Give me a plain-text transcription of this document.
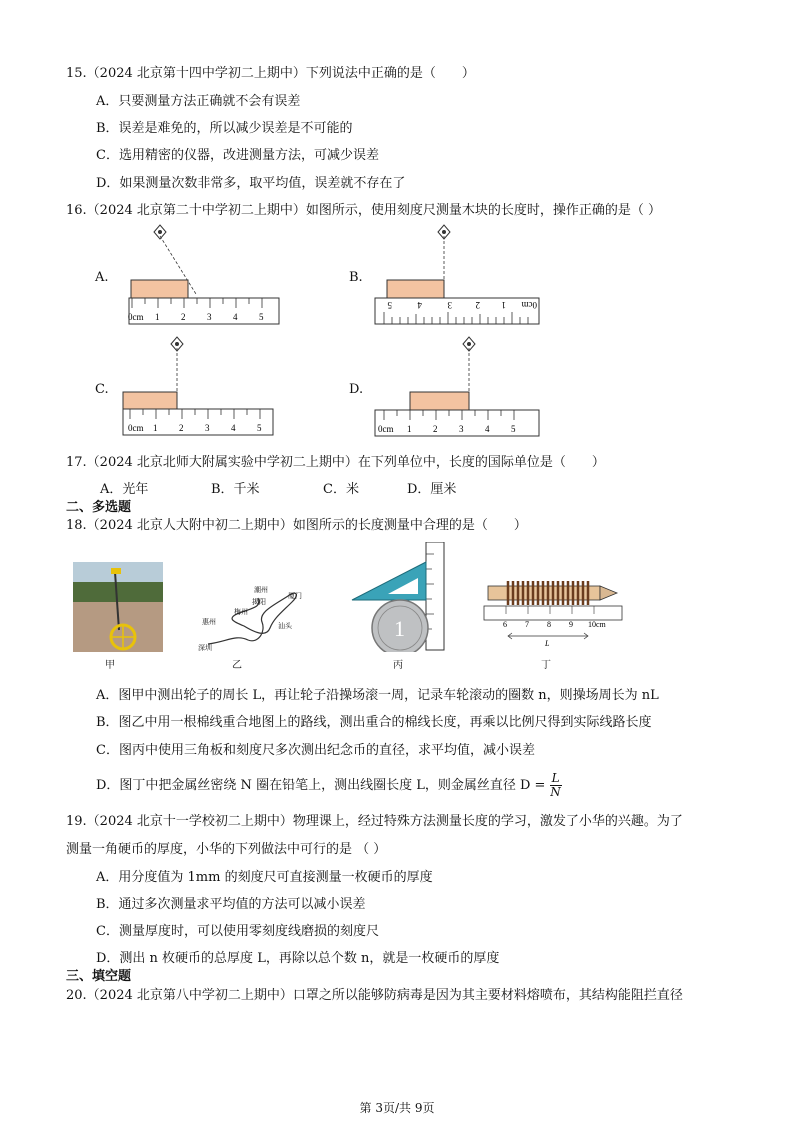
15.（2024 北京第十四中学初二上期中）下列说法中正确的是（　　）
A．只要测量方法正确就不会有误差
B．误差是难免的，所以减少误差是不可能的
C．选用精密的仪器，改进测量方法，可减少误差
D．如果测量次数非常多，取平均值，误差就不存在了
16.（2024 北京第二十中学初二上期中）如图所示，使用刻度尺测量木块的长度时，操作正确的是（ ）
A.
0cm 1 2 3 4 5
B.
5	4	3	2 1 0cm
C.
0cm 1 2 3 4 5
D.
0cm 1 2 3 4 5
17.（2024 北京北师大附属实验中学初二上期中）在下列单位中，长度的国际单位是（　　）
A．光年	B．千米	C．米	D．厘米
二、多选题
18.（2024 北京人大附中初二上期中）如图所示的长度测量中合理的是（　　）
甲
潮州
揭阳
梅州
厦门
惠州	汕头
深圳
乙
1
丙
6 7 8 9 10cm
L
丁
A．图甲中测出轮子的周长 L，再让轮子沿操场滚一周，记录车轮滚动的圈数 n，则操场周长为 nL
B．图乙中用一根棉线重合地图上的路线，测出重合的棉线长度，再乘以比例尺得到实际线路长度
C．图丙中使用三角板和刻度尺多次测出纪念币的直径，求平均值，减小误差
D．图丁中把金属丝密绕 N 圈在铅笔上，测出线圈长度 L，则金属丝直径 $D = \frac{L}{N}$
19.（2024 北京十一学校初二上期中）物理课上，经过特殊方法测量长度的学习，激发了小华的兴趣。为了
测量一角硬币的厚度，小华的下列做法中可行的是 （ ）
A．用分度值为 1mm 的刻度尺可直接测量一枚硬币的厚度
B．通过多次测量求平均值的方法可以减小误差
C．测量厚度时，可以使用零刻度线磨损的刻度尺
D．测出 n 枚硬币的总厚度 L，再除以总个数 n，就是一枚硬币的厚度
三、填空题
20.（2024 北京第八中学初二上期中）口罩之所以能够防病毒是因为其主要材料熔喷布，其结构能阻拦直径
第 3页/共 9页
